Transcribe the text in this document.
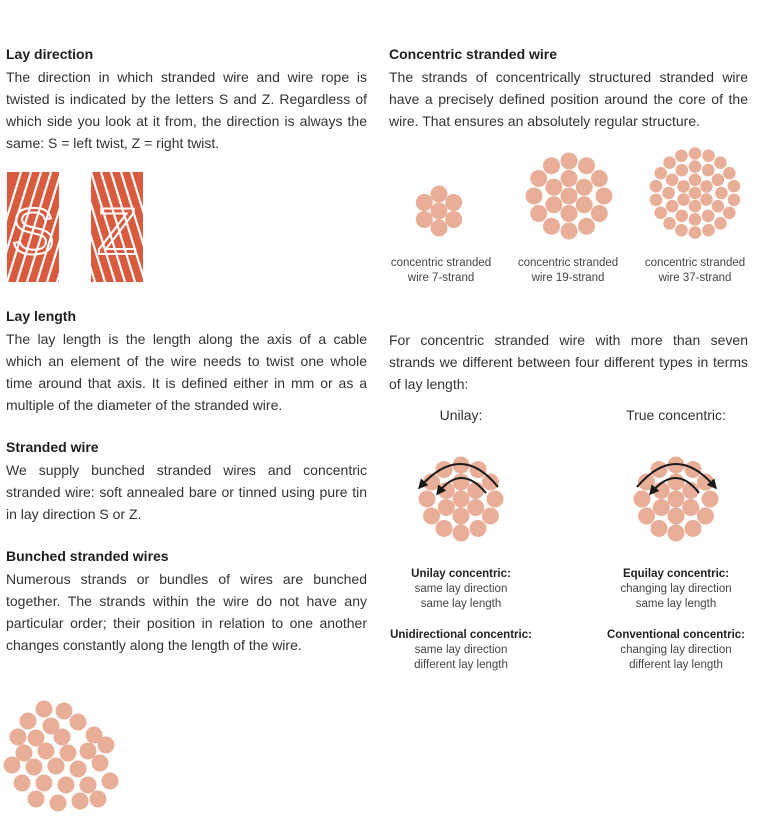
Lay direction

The direction in which stranded wire and wire rope is twisted is indicated by the letters S and Z. Regardless of which side you look at it from, the direction is always the same: S = left twist, Z = right twist.

S Z
Lay length

The lay length is the length along the axis of a cable which an element of the wire needs to twist one whole time around that axis. It is defined either in mm or as a multiple of the diameter of the stranded wire.

Stranded wire

We supply bunched stranded wires and concentric stranded wire: soft annealed bare or tinned using pure tin in lay direction S or Z.

Bunched stranded wires

Numerous strands or bundles of wires are bunched together. The strands within the wire do not have any particular order; their position in relation to one another changes constantly along the length of the wire.

Concentric stranded wire

The strands of concentrically structured stranded wire have a precisely defined position around the core of the wire. That ensures an absolutely regular structure.

concentric stranded
wire 7-strand
concentric stranded
wire 19-strand
concentric stranded
wire 37-strand

For concentric stranded wire with more than seven strands we different between four different types in terms of lay length:

Unilay:	True concentric:
Unilay concentric:
same lay direction
same lay length
Equilay concentric:
changing lay direction
same lay length
Unidirectional concentric:
same lay direction
different lay length
Conventional concentric:
changing lay direction
different lay length
